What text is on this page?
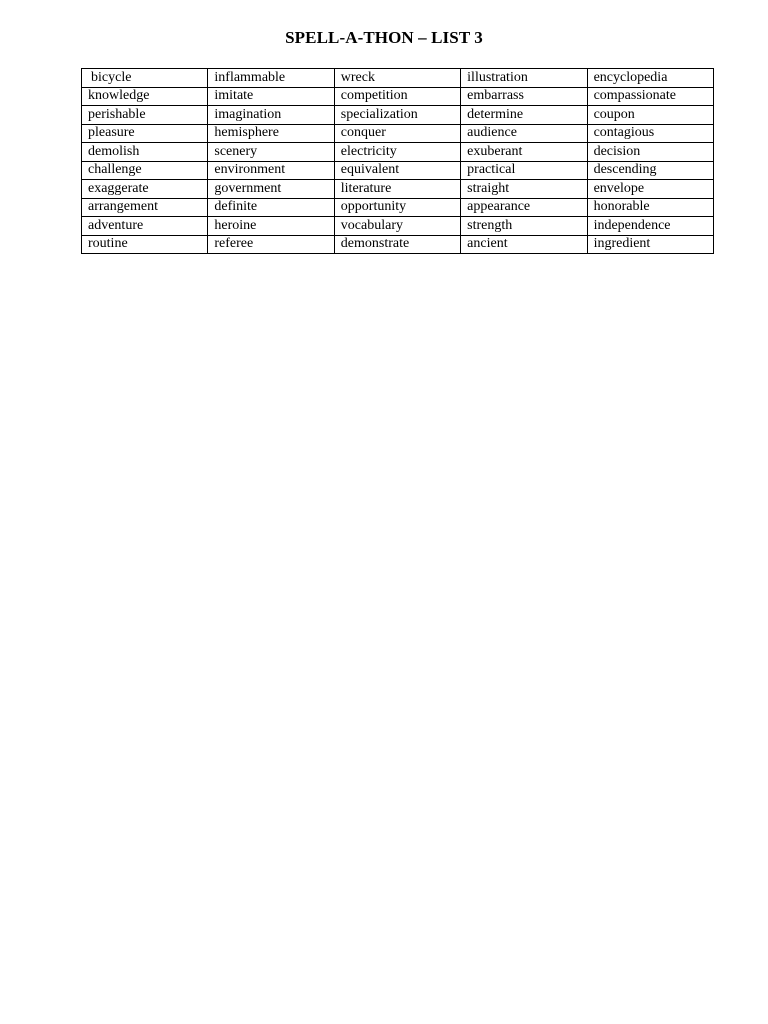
SPELL-A-THON – LIST 3
bicycle	inflammable	wreck	illustration	encyclopedia
knowledge	imitate	competition	embarrass	compassionate
perishable	imagination	specialization	determine	coupon
pleasure	hemisphere	conquer	audience	contagious
demolish	scenery	electricity	exuberant	decision
challenge	environment	equivalent	practical	descending
exaggerate	government	literature	straight	envelope
arrangement	definite	opportunity	appearance	honorable
adventure	heroine	vocabulary	strength	independence
routine	referee	demonstrate	ancient	ingredient
